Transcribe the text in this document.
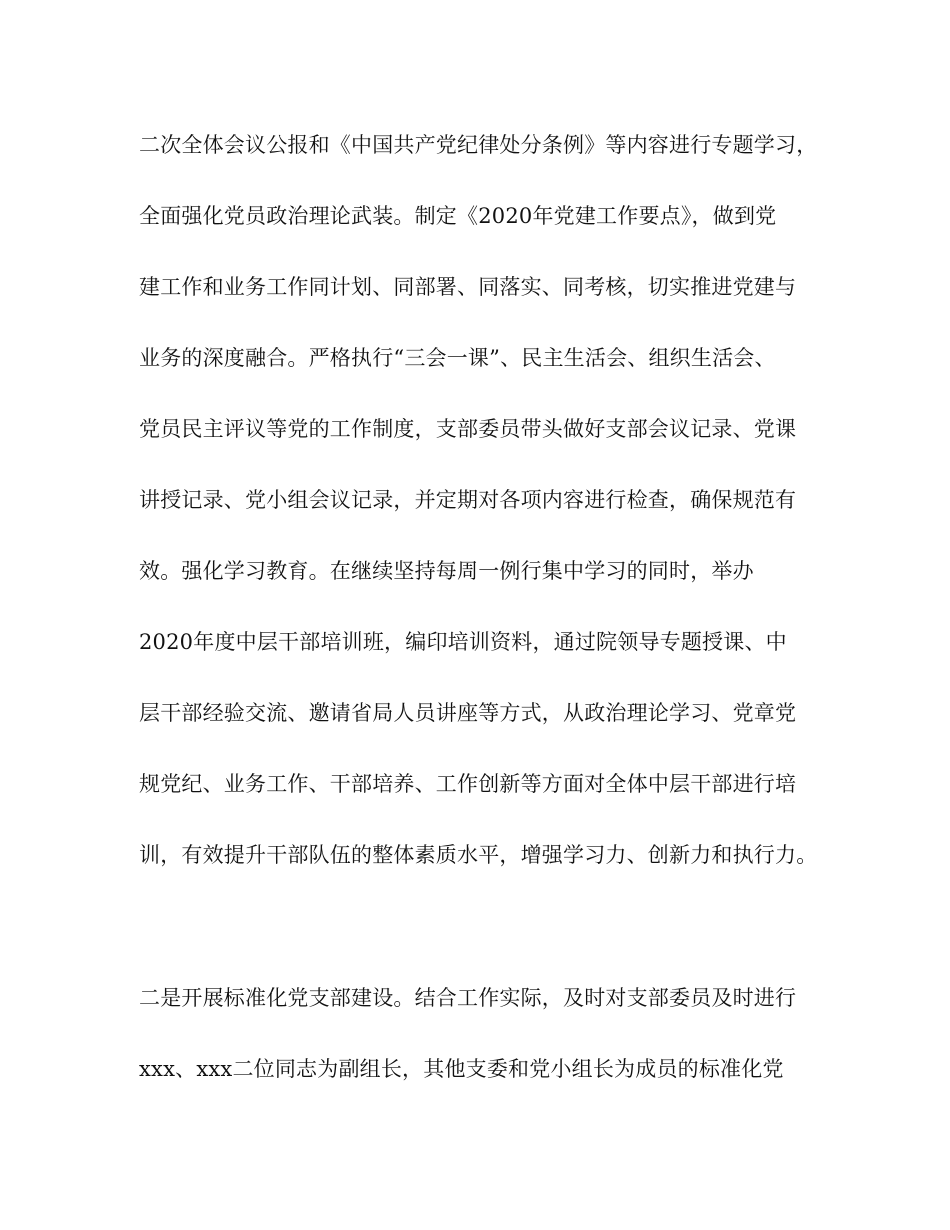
二次全体会议公报和《中国共产党纪律处分条例》等内容进行专题学习，
全面强化党员政治理论武装。制定《2020年党建工作要点》，做到党
建工作和业务工作同计划、同部署、同落实、同考核，切实推进党建与
业务的深度融合。严格执行“三会一课”、民主生活会、组织生活会、
党员民主评议等党的工作制度，支部委员带头做好支部会议记录、党课
讲授记录、党小组会议记录，并定期对各项内容进行检查，确保规范有
效。强化学习教育。在继续坚持每周一例行集中学习的同时，举办
2020年度中层干部培训班，编印培训资料，通过院领导专题授课、中
层干部经验交流、邀请省局人员讲座等方式，从政治理论学习、党章党
规党纪、业务工作、干部培养、工作创新等方面对全体中层干部进行培
训，有效提升干部队伍的整体素质水平，增强学习力、创新力和执行力。
二是开展标准化党支部建设。结合工作实际，及时对支部委员及时进行
xxx、xxx二位同志为副组长，其他支委和党小组长为成员的标准化党
